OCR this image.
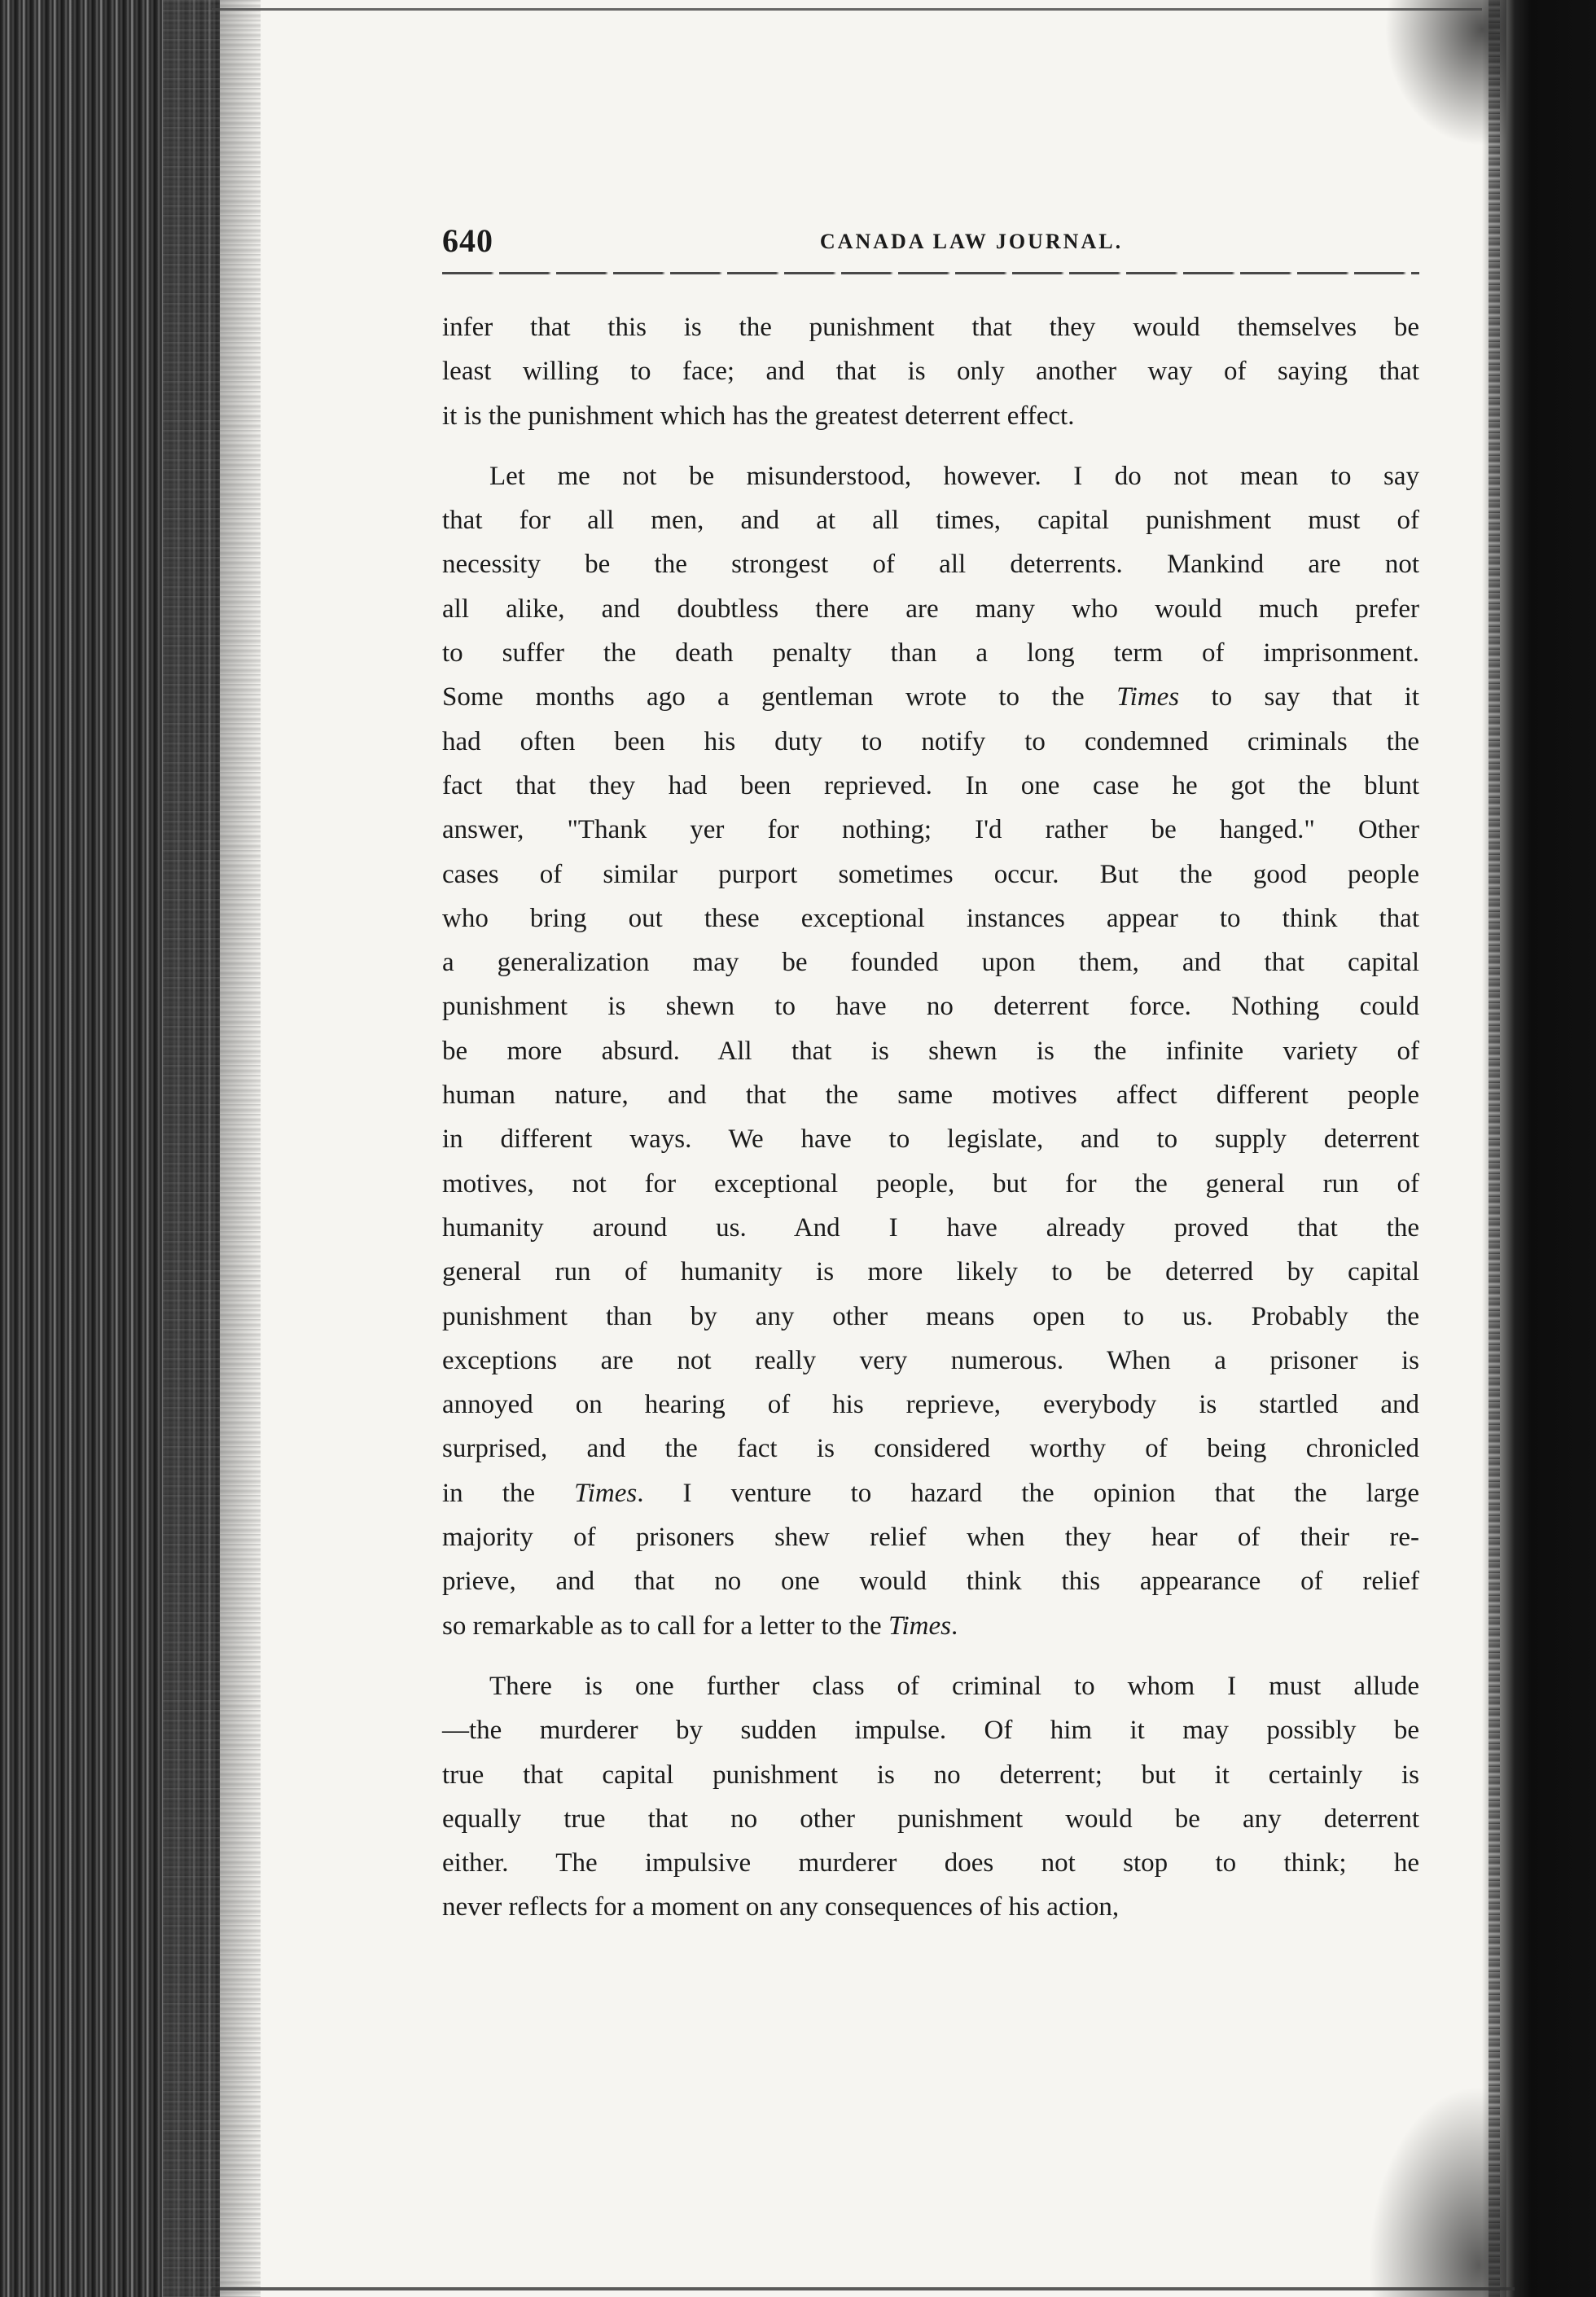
640	CANADA LAW JOURNAL.
infer that this is the punishment that they would themselves be
least willing to face; and that is only another way of saying that
it is the punishment which has the greatest deterrent effect.
Let me not be misunderstood, however. I do not mean to say
that for all men, and at all times, capital punishment must of
necessity be the strongest of all deterrents. Mankind are not
all alike, and doubtless there are many who would much prefer
to suffer the death penalty than a long term of imprisonment.
Some months ago a gentleman wrote to the Times to say that it
had often been his duty to notify to condemned criminals the
fact that they had been reprieved. In one case he got the blunt
answer, "Thank yer for nothing; I'd rather be hanged." Other
cases of similar purport sometimes occur. But the good people
who bring out these exceptional instances appear to think that
a generalization may be founded upon them, and that capital
punishment is shewn to have no deterrent force. Nothing could
be more absurd. All that is shewn is the infinite variety of
human nature, and that the same motives affect different people
in different ways. We have to legislate, and to supply deterrent
motives, not for exceptional people, but for the general run of
humanity around us. And I have already proved that the
general run of humanity is more likely to be deterred by capital
punishment than by any other means open to us. Probably the
exceptions are not really very numerous. When a prisoner is
annoyed on hearing of his reprieve, everybody is startled and
surprised, and the fact is considered worthy of being chronicled
in the Times. I venture to hazard the opinion that the large
majority of prisoners shew relief when they hear of their re-
prieve, and that no one would think this appearance of relief
so remarkable as to call for a letter to the Times.
There is one further class of criminal to whom I must allude
—the murderer by sudden impulse. Of him it may possibly be
true that capital punishment is no deterrent; but it certainly is
equally true that no other punishment would be any deterrent
either. The impulsive murderer does not stop to think; he
never reflects for a moment on any consequences of his action,
